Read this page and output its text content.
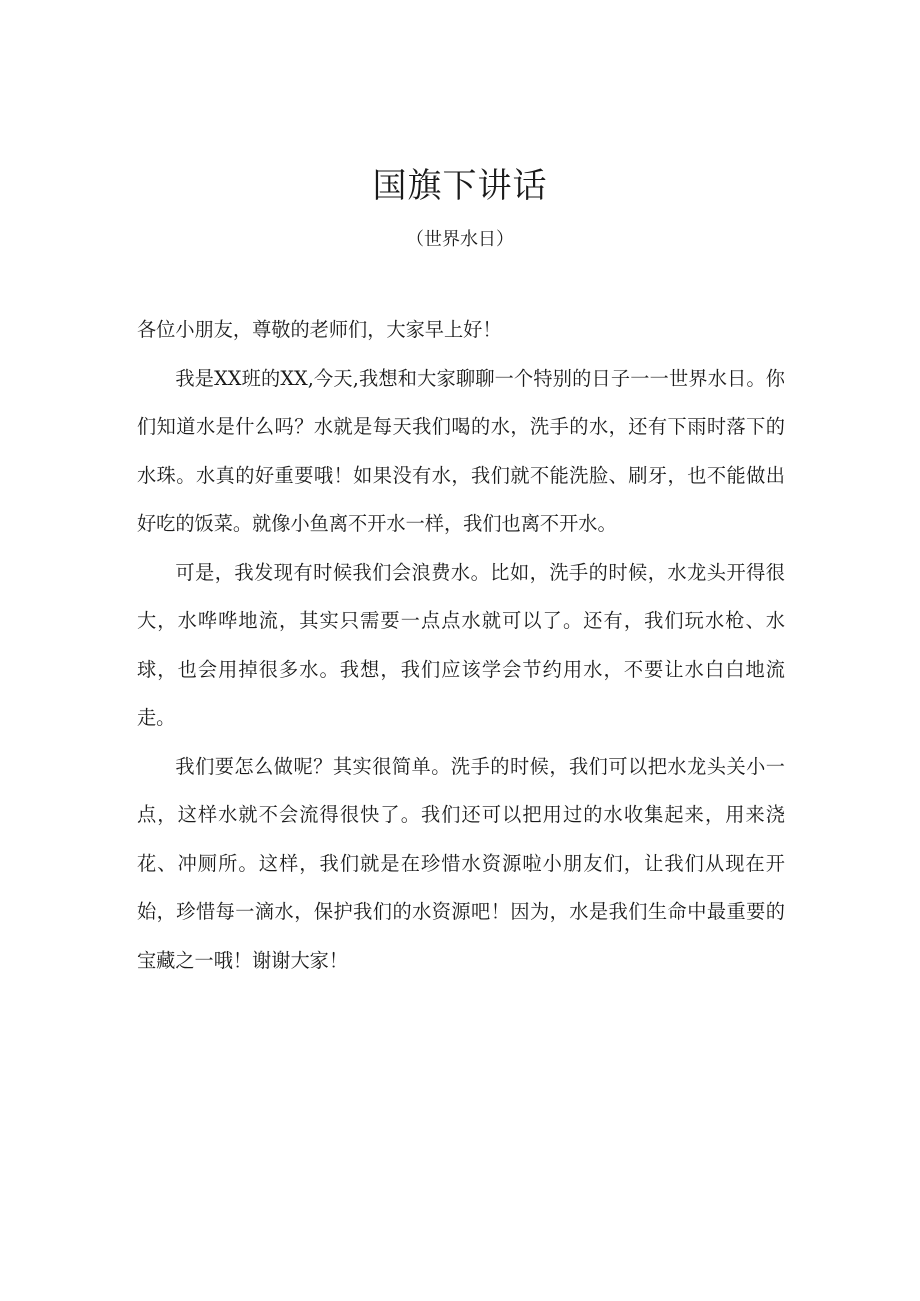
国旗下讲话
（世界水日）

各位小朋友，尊敬的老师们，大家早上好！

我是XX班的XX,今天,我想和大家聊聊一个特别的日子一一世界水日。你们知道水是什么吗？水就是每天我们喝的水，洗手的水，还有下雨时落下的水珠。水真的好重要哦！如果没有水，我们就不能洗脸、刷牙，也不能做出好吃的饭菜。就像小鱼离不开水一样，我们也离不开水。

可是，我发现有时候我们会浪费水。比如，洗手的时候，水龙头开得很大，水哗哗地流，其实只需要一点点水就可以了。还有，我们玩水枪、水球，也会用掉很多水。我想，我们应该学会节约用水，不要让水白白地流走。

我们要怎么做呢？其实很简单。洗手的时候，我们可以把水龙头关小一点，这样水就不会流得很快了。我们还可以把用过的水收集起来，用来浇花、冲厕所。这样，我们就是在珍惜水资源啦小朋友们，让我们从现在开始，珍惜每一滴水，保护我们的水资源吧！因为，水是我们生命中最重要的宝藏之一哦！谢谢大家！
